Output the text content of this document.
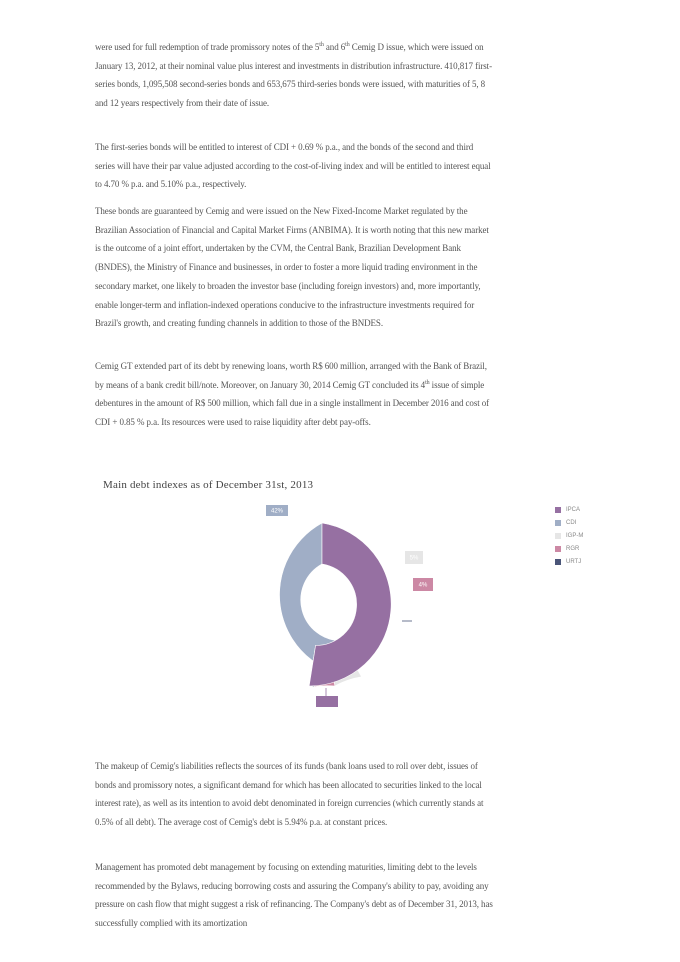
were used for full redemption of trade promissory notes of the 5th and 6th Cemig D issue, which were issued on January 13, 2012, at their nominal value plus interest and investments in distribution infrastructure. 410,817 first-series bonds, 1,095,508 second-series bonds and 653,675 third-series bonds were issued, with maturities of 5, 8 and 12 years respectively from their date of issue.

The first-series bonds will be entitled to interest of CDI + 0.69 % p.a., and the bonds of the second and third series will have their par value adjusted according to the cost-of-living index and will be entitled to interest equal to 4.70 % p.a. and 5.10% p.a., respectively.

These bonds are guaranteed by Cemig and were issued on the New Fixed-Income Market regulated by the Brazilian Association of Financial and Capital Market Firms (ANBIMA). It is worth noting that this new market is the outcome of a joint effort, undertaken by the CVM, the Central Bank, Brazilian Development Bank (BNDES), the Ministry of Finance and businesses, in order to foster a more liquid trading environment in the secondary market, one likely to broaden the investor base (including foreign investors) and, more importantly, enable longer-term and inflation-indexed operations conducive to the infrastructure investments required for Brazil's growth, and creating funding channels in addition to those of the BNDES.

Cemig GT extended part of its debt by renewing loans, worth R$ 600 million, arranged with the Bank of Brazil, by means of a bank credit bill/note. Moreover, on January 30, 2014 Cemig GT concluded its 4th issue of simple debentures in the amount of R$ 500 million, which fall due in a single installment in December 2016 and cost of CDI + 0.85 % p.a. Its resources were used to raise liquidity after debt pay-offs.

Main debt indexes as of December 31st, 2013

42%
5%
4%
IPCA
CDI
IGP-M
RGR
URTJ

The makeup of Cemig's liabilities reflects the sources of its funds (bank loans used to roll over debt, issues of bonds and promissory notes, a significant demand for which has been allocated to securities linked to the local interest rate), as well as its intention to avoid debt denominated in foreign currencies (which currently stands at 0.5% of all debt). The average cost of Cemig's debt is 5.94% p.a. at constant prices.

Management has promoted debt management by focusing on extending maturities, limiting debt to the levels recommended by the Bylaws, reducing borrowing costs and assuring the Company's ability to pay, avoiding any pressure on cash flow that might suggest a risk of refinancing. The Company's debt as of December 31, 2013, has successfully complied with its amortization
